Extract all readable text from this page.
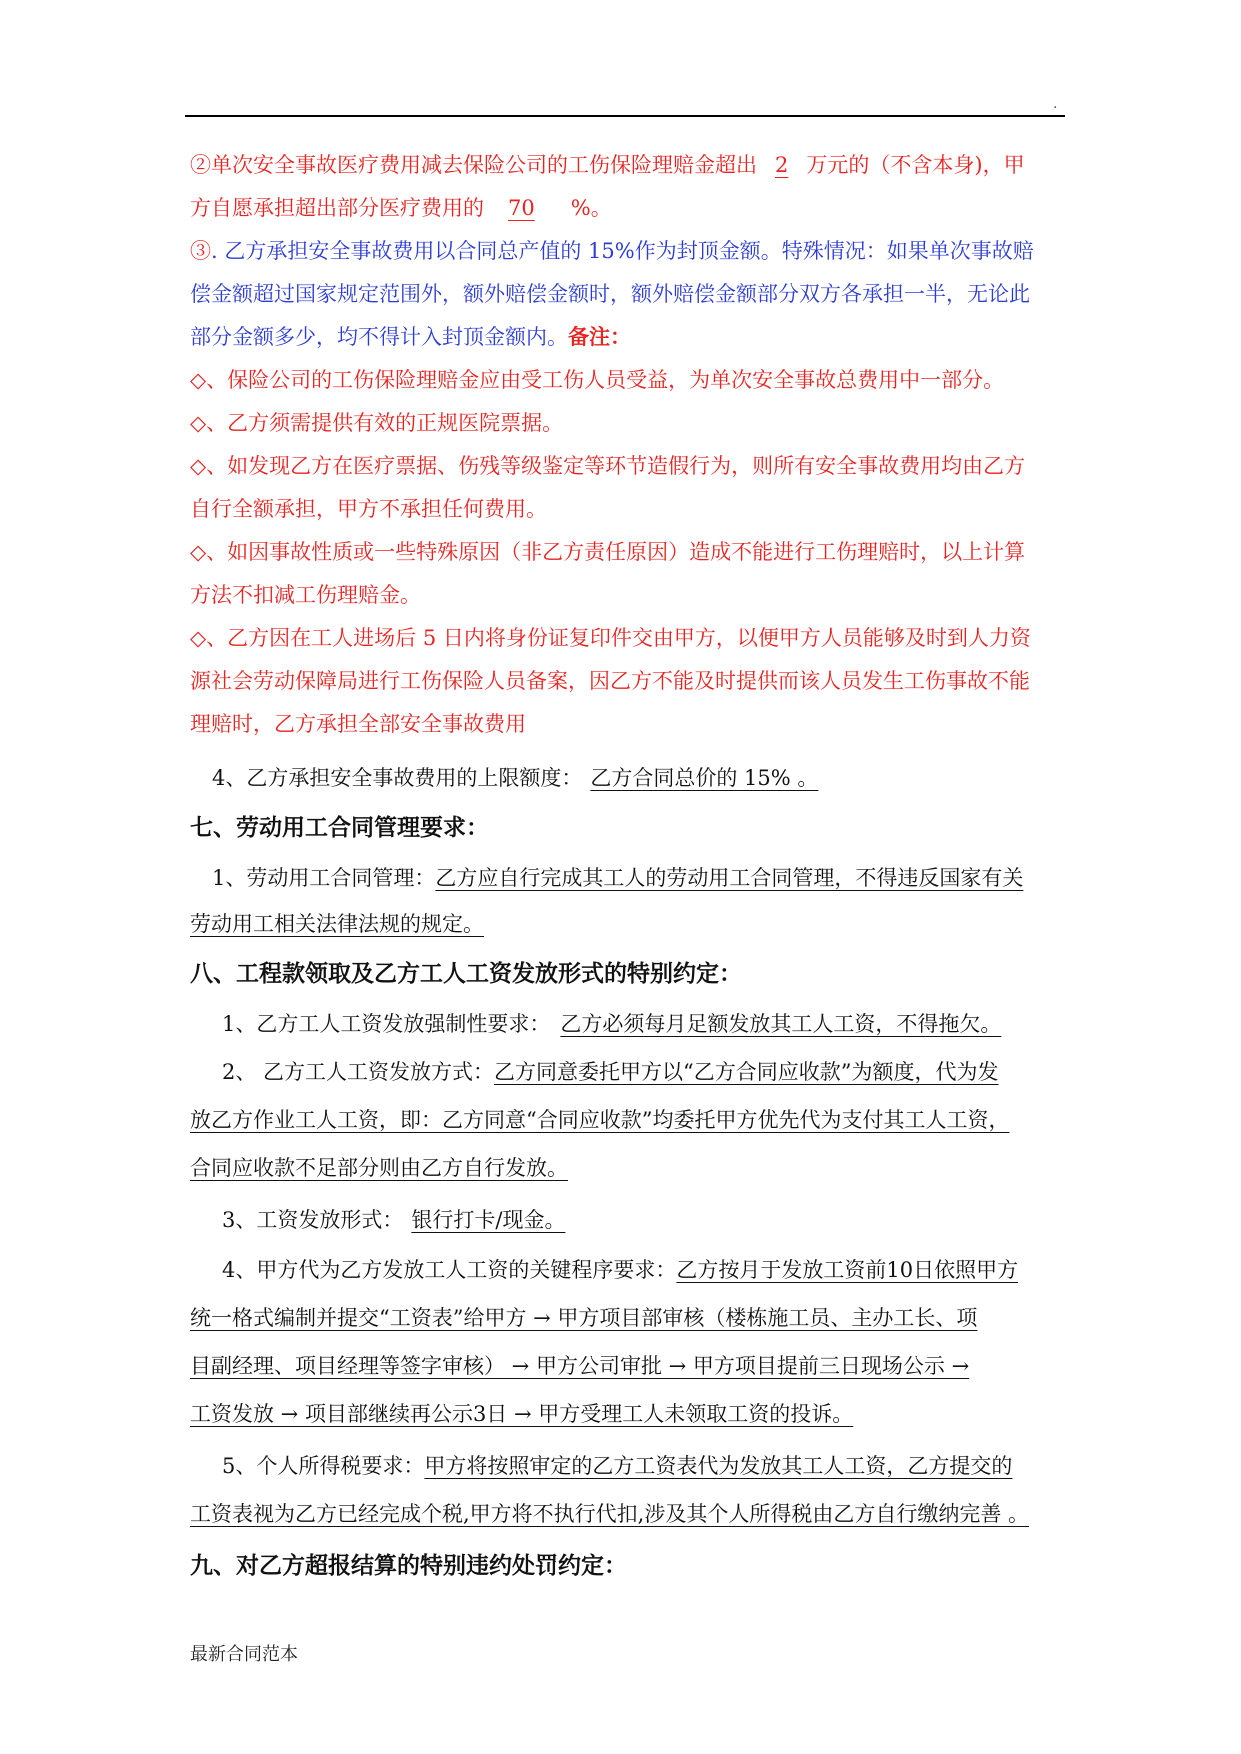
.
②单次安全事故医疗费用减去保险公司的工伤保险理赔金超出 2 万元的（不含本身)，甲
方自愿承担超出部分医疗费用的 70 %。
③. 乙方承担安全事故费用以合同总产值的 15%作为封顶金额。特殊情况：如果单次事故赔
偿金额超过国家规定范围外，额外赔偿金额时，额外赔偿金额部分双方各承担一半，无论此
部分金额多少，均不得计入封顶金额内。备注：
◇、保险公司的工伤保险理赔金应由受工伤人员受益，为单次安全事故总费用中一部分。
◇、乙方须需提供有效的正规医院票据。
◇、如发现乙方在医疗票据、伤残等级鉴定等环节造假行为，则所有安全事故费用均由乙方
自行全额承担，甲方不承担任何费用。
◇、如因事故性质或一些特殊原因（非乙方责任原因）造成不能进行工伤理赔时，以上计算
方法不扣减工伤理赔金。
◇、乙方因在工人进场后 5 日内将身份证复印件交由甲方，以便甲方人员能够及时到人力资
源社会劳动保障局进行工伤保险人员备案，因乙方不能及时提供而该人员发生工伤事故不能
理赔时，乙方承担全部安全事故费用
4、乙方承担安全事故费用的上限额度： 乙方合同总价的 15% 。
七、劳动用工合同管理要求：
1、劳动用工合同管理：乙方应自行完成其工人的劳动用工合同管理，不得违反国家有关
劳动用工相关法律法规的规定。
八、工程款领取及乙方工人工资发放形式的特别约定：
1、乙方工人工资发放强制性要求： 乙方必须每月足额发放其工人工资，不得拖欠。
2、 乙方工人工资发放方式：乙方同意委托甲方以“乙方合同应收款”为额度，代为发
放乙方作业工人工资，即：乙方同意“合同应收款”均委托甲方优先代为支付其工人工资，
合同应收款不足部分则由乙方自行发放。
3、工资发放形式： 银行打卡/现金。
4、甲方代为乙方发放工人工资的关键程序要求：乙方按月于发放工资前10日依照甲方
统一格式编制并提交“工资表”给甲方 → 甲方项目部审核（楼栋施工员、主办工长、项
目副经理、项目经理等签字审核） → 甲方公司审批 → 甲方项目提前三日现场公示 →
工资发放 → 项目部继续再公示3日 → 甲方受理工人未领取工资的投诉。
5、个人所得税要求：甲方将按照审定的乙方工资表代为发放其工人工资，乙方提交的
工资表视为乙方已经完成个税,甲方将不执行代扣,涉及其个人所得税由乙方自行缴纳完善 。
九、对乙方超报结算的特别违约处罚约定：
最新合同范本
